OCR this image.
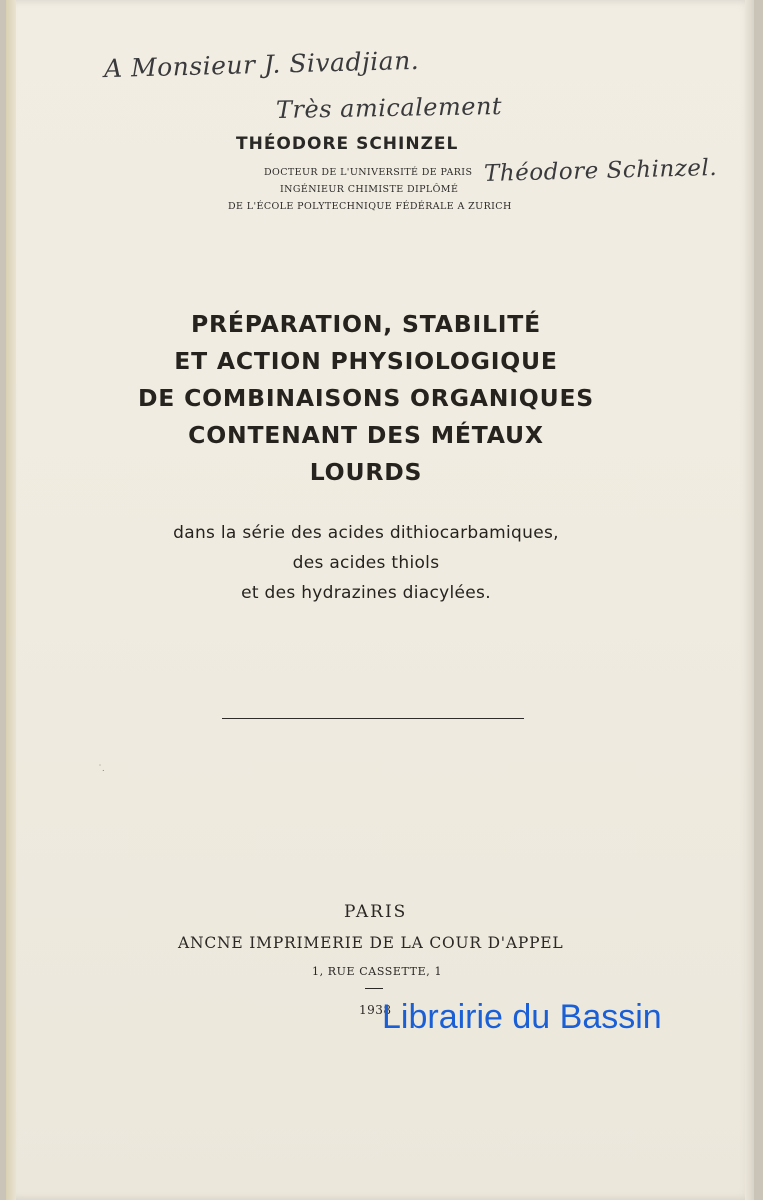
A Monsieur J. Sivadjian.
Très amicalement
Théodore Schinzel.
THÉODORE SCHINZEL
DOCTEUR DE L'UNIVERSITÉ DE PARIS
INGÉNIEUR CHIMISTE DIPLÔMÉ
DE L'ÉCOLE POLYTECHNIQUE FÉDÉRALE A ZURICH
PRÉPARATION, STABILITÉ
ET ACTION PHYSIOLOGIQUE
DE COMBINAISONS ORGANIQUES
CONTENANT DES MÉTAUX
LOURDS
dans la série des acides dithiocarbamiques,
des acides thiols
et des hydrazines diacylées.
˙.
PARIS
ANCNE IMPRIMERIE DE LA COUR D'APPEL
1, RUE CASSETTE, 1
1938
Librairie du Bassin
